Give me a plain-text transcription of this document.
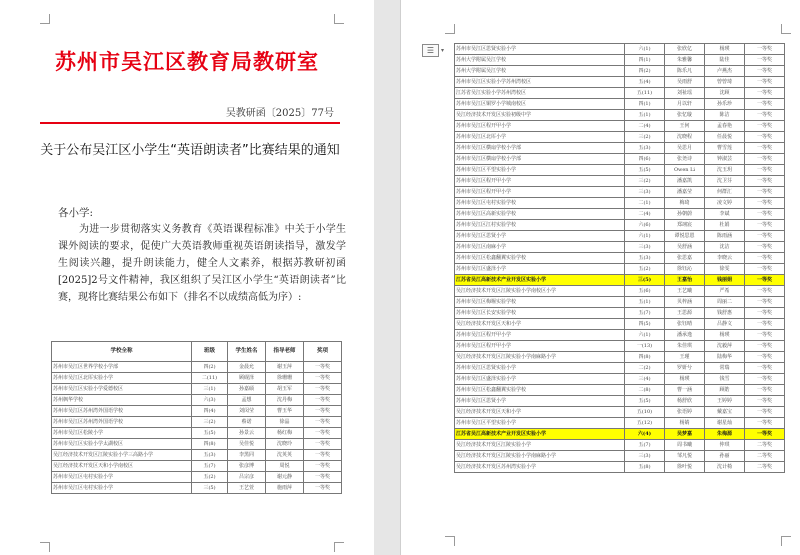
苏州市吴江区教育局教研室
吴教研函〔2025〕77号
关于公布吴江区小学生“英语朗读者”比赛结果的通知
各小学:
为进一步贯彻落实义务教育《英语课程标准》中关于小学生课外阅读的要求，促使广大英语教师重视英语朗读指导，激发学生阅读兴趣，提升朗读能力，健全人文素养，根据苏教研初函[2025]2号文件精神，我区组织了吴江区小学生“英语朗读者”比赛，现将比赛结果公布如下（排名不以成绩高低为序）:
学校全称	班级	学生姓名	指导老师	奖项
苏州市吴江区世界学校小学部	四(2)	金晨允	谢玉萍	一等奖
苏州市吴江区北厍实验小学	二(11)	顾砚泽	徐珊珊	一等奖
苏州市吴江区实验小学爱德校区	三(1)	孙嘉硕	胡玉军	一等奖
苏州枫华学校	六(3)	孟想	沈丹梅	一等奖
苏州市吴江区苏州湾外国语学校	四(4)	刘闵莹	曹玉华	一等奖
苏州市吴江区苏州湾外国语学校	三(2)	蔡诺	徐晶	一等奖
苏州市吴江区松陵小学	五(5)	孙景云	杨红梅	一等奖
苏州市吴江区实验小学太湖校区	四(8)	吴佳悦	沈晓玲	一等奖
吴江经济技术开发区江陵实验小学三高路小学	五(3)	李黑同	沈英英	一等奖
吴江经济技术开发区天和小学南校区	五(7)	张彦博	周悦	一等奖
苏州市吴江区屯村实验小学	五(2)	吕宗彦	谢元静	一等奖
苏州市吴江区屯村实验小学	三(5)	王艺萱	施雨萍	一等奖
☰	▾ 苏州市吴江区思贤实验小学	六(1)	张欣亿	杨瑛	一等奖
苏州大学附属吴江学校	四(1)	朱雅馨	陆佳	一等奖
苏州大学附属吴江学校	四(2)	陈乐凡	卢燕杰	一等奖
苏州市吴江区实验小学苏州湾校区	五(4)	吴雨舒	曾曾琦	一等奖
江苏省吴江实验小学苏州湾校区	五(11)	刘祉瑶	沈顾	一等奖
苏州市吴江区铜罗小学城南校区	四(1)	月以轩	孙乐珍	一等奖
吴江经济技术开发区实验初级中学	五(1)	张忆璇	陈洁	一等奖
苏州市吴江区程开甲小学	二(4)	王何	孟春艳	一等奖
苏州市吴江区北厍小学	三(2)	沈晓程	任晨悦	一等奖
苏州市吴江区横扇学校小学部	五(3)	吴思月	曹雪莲	一等奖
苏州市吴江区横扇学校小学部	四(6)	张尧诗	钟淑芸	一等奖
苏州市吴江区平望实验小学	五(5)	Owen Li	沈玉玥	一等奖
苏州市吴江区程开甲小学	三(2)	潘嘉凯	沈卫芬	一等奖
苏州市吴江区程开甲小学	三(3)	潘嘉莹	何群汇	一等奖
苏州市吴江区屯村实验学校	二(1)	梅琦	凌文婷	一等奖
苏州市吴江区高新实验学校	二(4)	孙朝蔚	李斌	一等奖
苏州市吴江区江村实验学校	六(6)	郑翊宸	杜娟	一等奖
苏州市吴江区思贤小学	六(1)	谭悦思恩	陈雨涵	一等奖
苏州市吴江区南麻小学	三(3)	吴舒涵	沈洁	一等奖
苏州市吴江区松鑫翻翼实验学校	五(3)	张思嘉	李晓云	一等奖
苏州市吴江区盛泽小学	五(2)	徐钰沁	徐雯	一等奖
江苏省吴江高新技术产业开发区实验小学	三(5)	王嘉怡	钱丽娟	一等奖
吴江经济技术开发区江陵实验小学南校区小学	五(6)	王艺曦	严希	一等奖
苏州市吴江区梅堰实验学校	五(1)	贝梓涵	周丽二	一等奖
苏州市吴江区长安实验学校	五(7)	王思源	钱舒惠	一等奖
吴江经济技术开发区天和小学	四(5)	张钰晴	吕静文	一等奖
苏州市吴江区程开甲小学	六(1)	潘承逸	杨瑛	一等奖
苏州市吴江区程开甲小学	一(13)	朱佳琪	沈毅萍	一等奖
吴江经济技术开发区江陵实验小学南麻路小学	四(8)	王瑾	陆梅华	一等奖
苏州市吴江区思贤实验小学	二(2)	罗妍兮	常瑞	一等奖
苏州市吴江区盛泽实验小学	三(4)	杨瑛	钱雪	一等奖
苏州市吴江区松鑫翻翼实验学校	二(8)	曹一涵	顾皓	一等奖
苏州市吴江区思贤小学	五(5)	杨舒欣	王婷婷	一等奖
吴江经济技术开发区天和小学	五(10)	张语婷	戴嘉宝	一等奖
苏州市吴江区平望实验小学	五(12)	杨婧	谢星灿	一等奖
江苏省吴江高新技术产业开发区实验小学	六(4)	吴梦嘉	朱梅源	一等奖
吴江经济技术开发区江陵实验小学	五(7)	周书曦	仲琪	二等奖
吴江经济技术开发区江陵实验小学南麻路小学	三(3)	邹凡悦	孙丽	二等奖
吴江经济技术开发区苏州湾实验小学	五(8)	徐叶悦	沈计椅	二等奖
